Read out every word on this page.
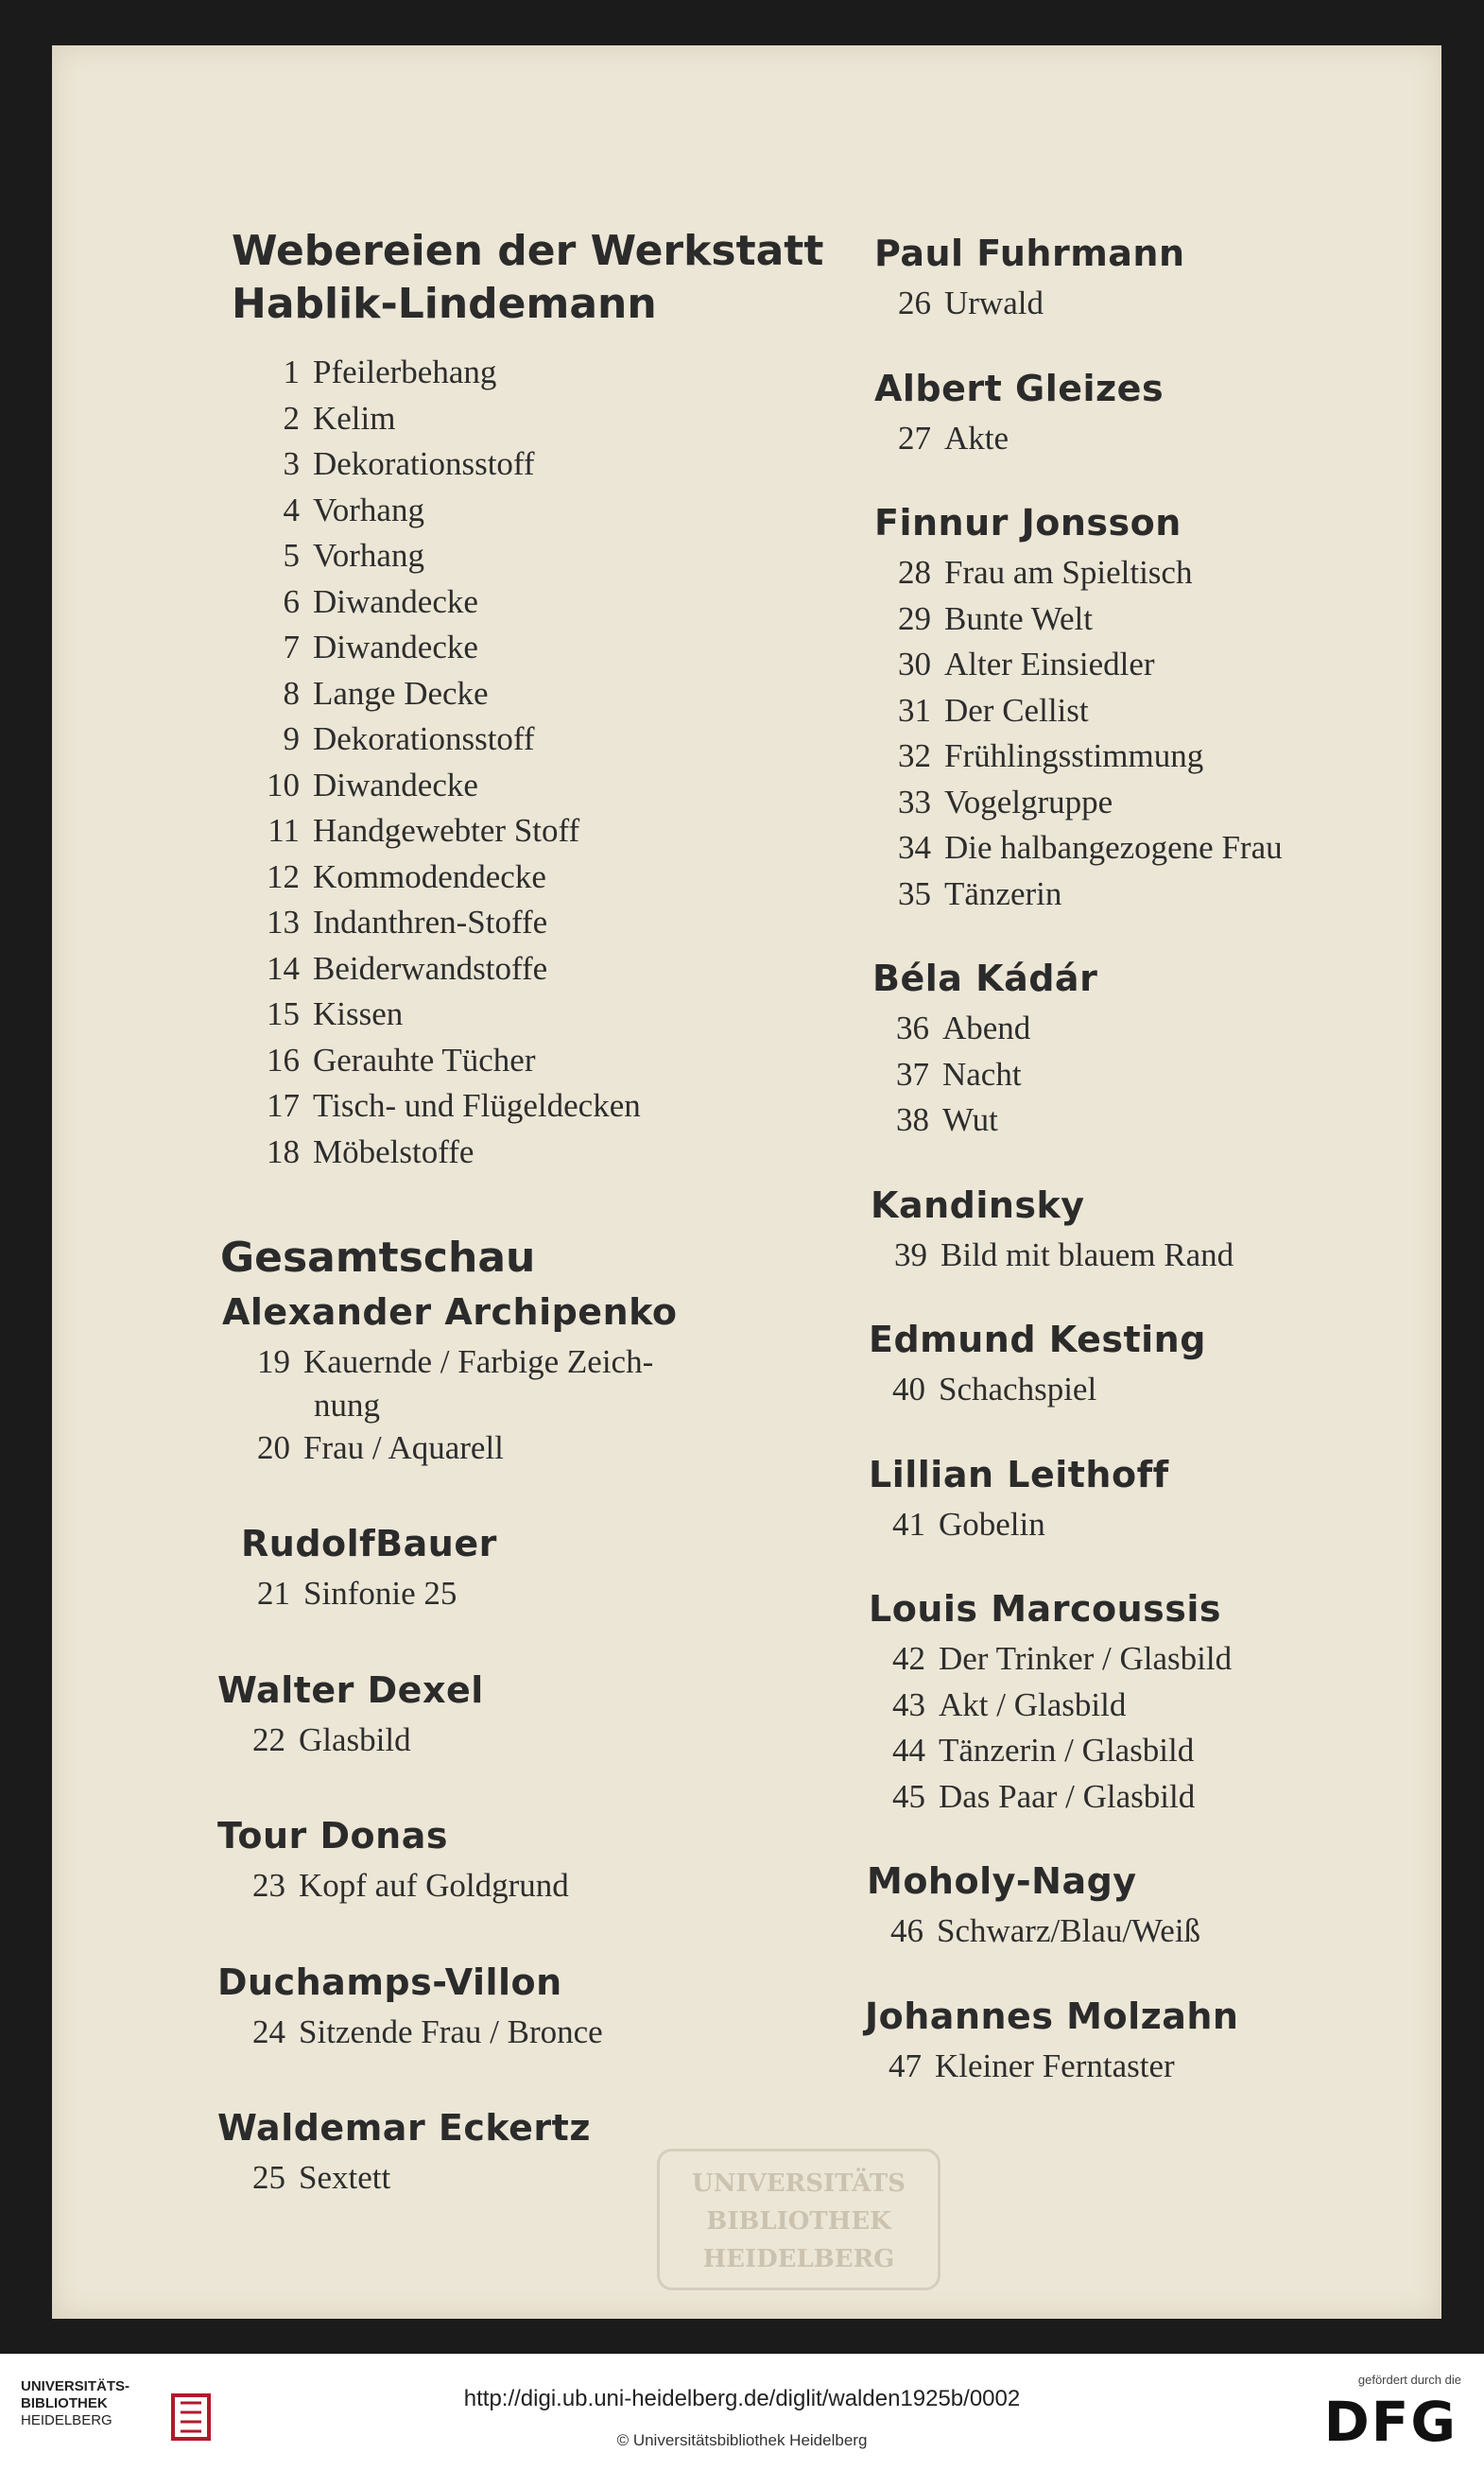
Webereien der Werkstatt
Hablik-Lindemann
1 Pfeilerbehang
2 Kelim
3 Dekorationsstoff
4 Vorhang
5 Vorhang
6 Diwandecke
7 Diwandecke
8 Lange Decke
9 Dekorationsstoff
10 Diwandecke
11 Handgewebter Stoff
12 Kommodendecke
13 Indanthren-Stoffe
14 Beiderwandstoffe
15 Kissen
16 Gerauhte Tücher
17 Tisch- und Flügeldecken
18 Möbelstoffe
Gesamtschau
Alexander Archipenko
19 Kauernde / Farbige Zeich-
nung
20 Frau / Aquarell
RudolfBauer
21 Sinfonie 25
Walter Dexel
22 Glasbild
Tour Donas
23 Kopf auf Goldgrund
Duchamps-Villon
24 Sitzende Frau / Bronce
Waldemar Eckertz
25 Sextett
Paul Fuhrmann
26 Urwald
Albert Gleizes
27 Akte
Finnur Jonsson
28 Frau am Spieltisch
29 Bunte Welt
30 Alter Einsiedler
31 Der Cellist
32 Frühlingsstimmung
33 Vogelgruppe
34 Die halbangezogene Frau
35 Tänzerin
Béla Kádár
36 Abend
37 Nacht
38 Wut
Kandinsky
39 Bild mit blauem Rand
Edmund Kesting
40 Schachspiel
Lillian Leithoff
41 Gobelin
Louis Marcoussis
42 Der Trinker / Glasbild
43 Akt / Glasbild
44 Tänzerin / Glasbild
45 Das Paar / Glasbild
Moholy-Nagy
46 Schwarz/Blau/Weiß
Johannes Molzahn
47 Kleiner Ferntaster
UNIVERSITÄTS
BIBLIOTHEK
HEIDELBERG
UNIVERSITÄTS-
BIBLIOTHEK
HEIDELBERG
http://digi.ub.uni-heidelberg.de/diglit/walden1925b/0002
© Universitätsbibliothek Heidelberg
gefördert durch die
DFG
